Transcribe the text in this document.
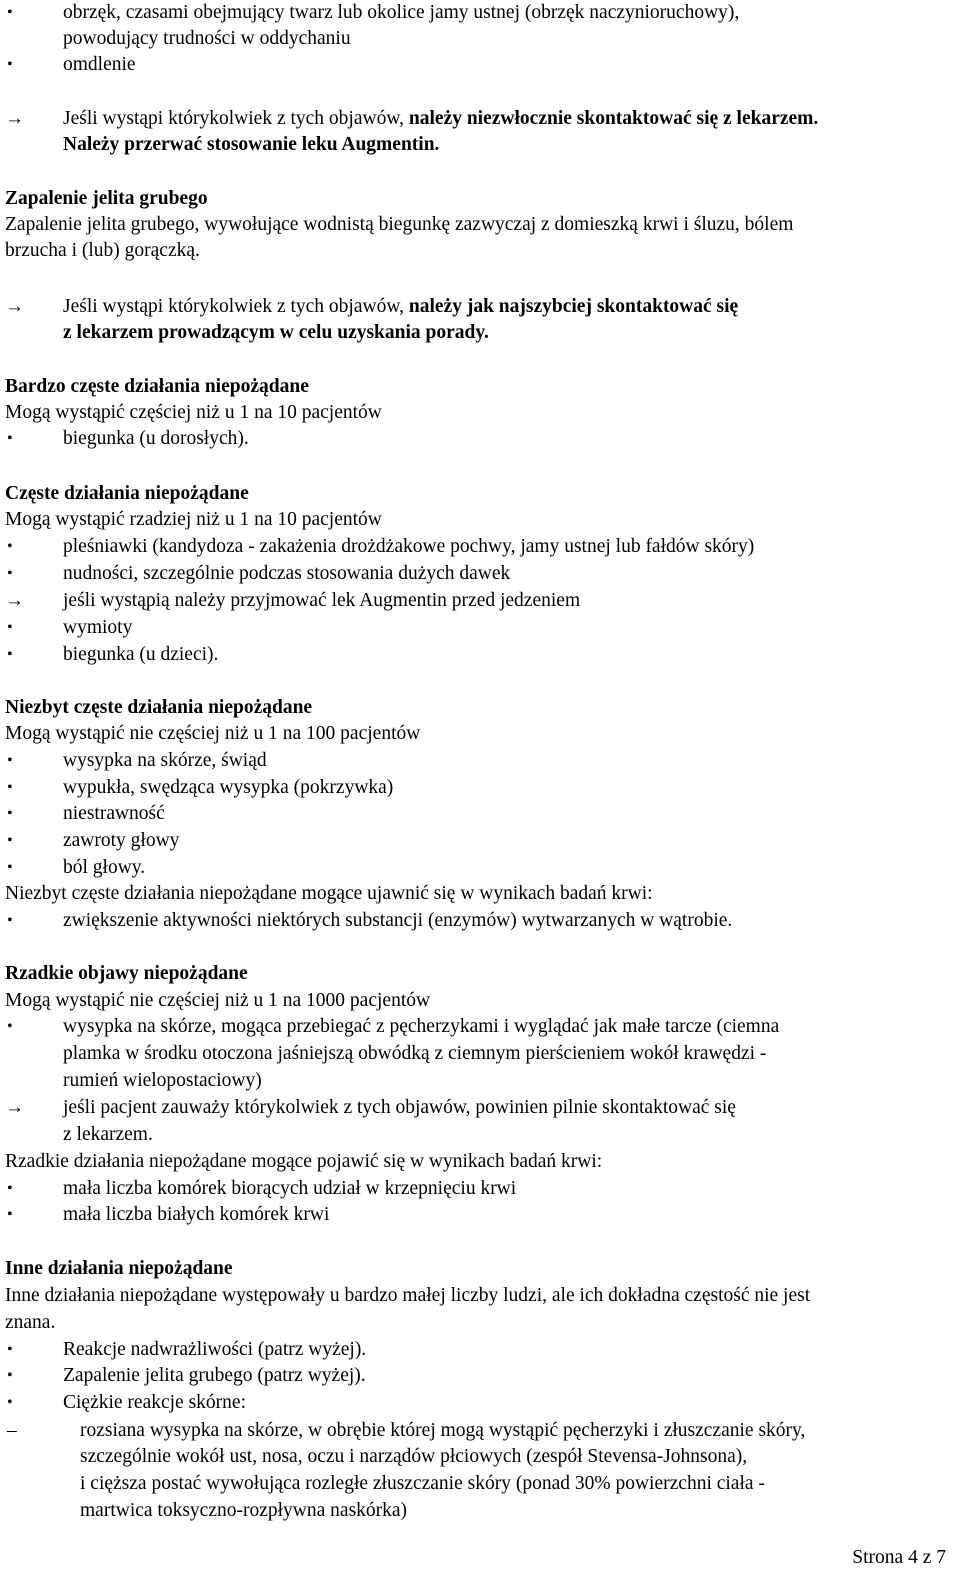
•	obrzęk, czasami obejmujący twarz lub okolice jamy ustnej (obrzęk naczynioruchowy),
powodujący trudności w oddychaniu
•	omdlenie
→	Jeśli wystąpi którykolwiek z tych objawów, należy niezwłocznie skontaktować się z lekarzem.
Należy przerwać stosowanie leku Augmentin.
Zapalenie jelita grubego
Zapalenie jelita grubego, wywołujące wodnistą biegunkę zazwyczaj z domieszką krwi i śluzu, bólem
brzucha i (lub) gorączką.
→	Jeśli wystąpi którykolwiek z tych objawów, należy jak najszybciej skontaktować się
z lekarzem prowadzącym w celu uzyskania porady.
Bardzo częste działania niepożądane
Mogą wystąpić częściej niż u 1 na 10 pacjentów
•	biegunka (u dorosłych).
Częste działania niepożądane
Mogą wystąpić rzadziej niż u 1 na 10 pacjentów
•	pleśniawki (kandydoza - zakażenia drożdżakowe pochwy, jamy ustnej lub fałdów skóry)
•	nudności, szczególnie podczas stosowania dużych dawek
→	jeśli wystąpią należy przyjmować lek Augmentin przed jedzeniem
•	wymioty
•	biegunka (u dzieci).
Niezbyt częste działania niepożądane
Mogą wystąpić nie częściej niż u 1 na 100 pacjentów
•	wysypka na skórze, świąd
•	wypukła, swędząca wysypka (pokrzywka)
•	niestrawność
•	zawroty głowy
•	ból głowy.
Niezbyt częste działania niepożądane mogące ujawnić się w wynikach badań krwi:
•	zwiększenie aktywności niektórych substancji (enzymów) wytwarzanych w wątrobie.
Rzadkie objawy niepożądane
Mogą wystąpić nie częściej niż u 1 na 1000 pacjentów
•	wysypka na skórze, mogąca przebiegać z pęcherzykami i wyglądać jak małe tarcze (ciemna
plamka w środku otoczona jaśniejszą obwódką z ciemnym pierścieniem wokół krawędzi -
rumień wielopostaciowy)
→	jeśli pacjent zauważy którykolwiek z tych objawów, powinien pilnie skontaktować się
z lekarzem.
Rzadkie działania niepożądane mogące pojawić się w wynikach badań krwi:
•	mała liczba komórek biorących udział w krzepnięciu krwi
•	mała liczba białych komórek krwi
Inne działania niepożądane
Inne działania niepożądane występowały u bardzo małej liczby ludzi, ale ich dokładna częstość nie jest
znana.
•	Reakcje nadwrażliwości (patrz wyżej).
•	Zapalenie jelita grubego (patrz wyżej).
•	Ciężkie reakcje skórne:
–	rozsiana wysypka na skórze, w obrębie której mogą wystąpić pęcherzyki i złuszczanie skóry,
szczególnie wokół ust, nosa, oczu i narządów płciowych (zespół Stevensa-Johnsona),
i cięższa postać wywołująca rozległe złuszczanie skóry (ponad 30% powierzchni ciała -
martwica toksyczno-rozpływna naskórka)
Strona 4 z 7
